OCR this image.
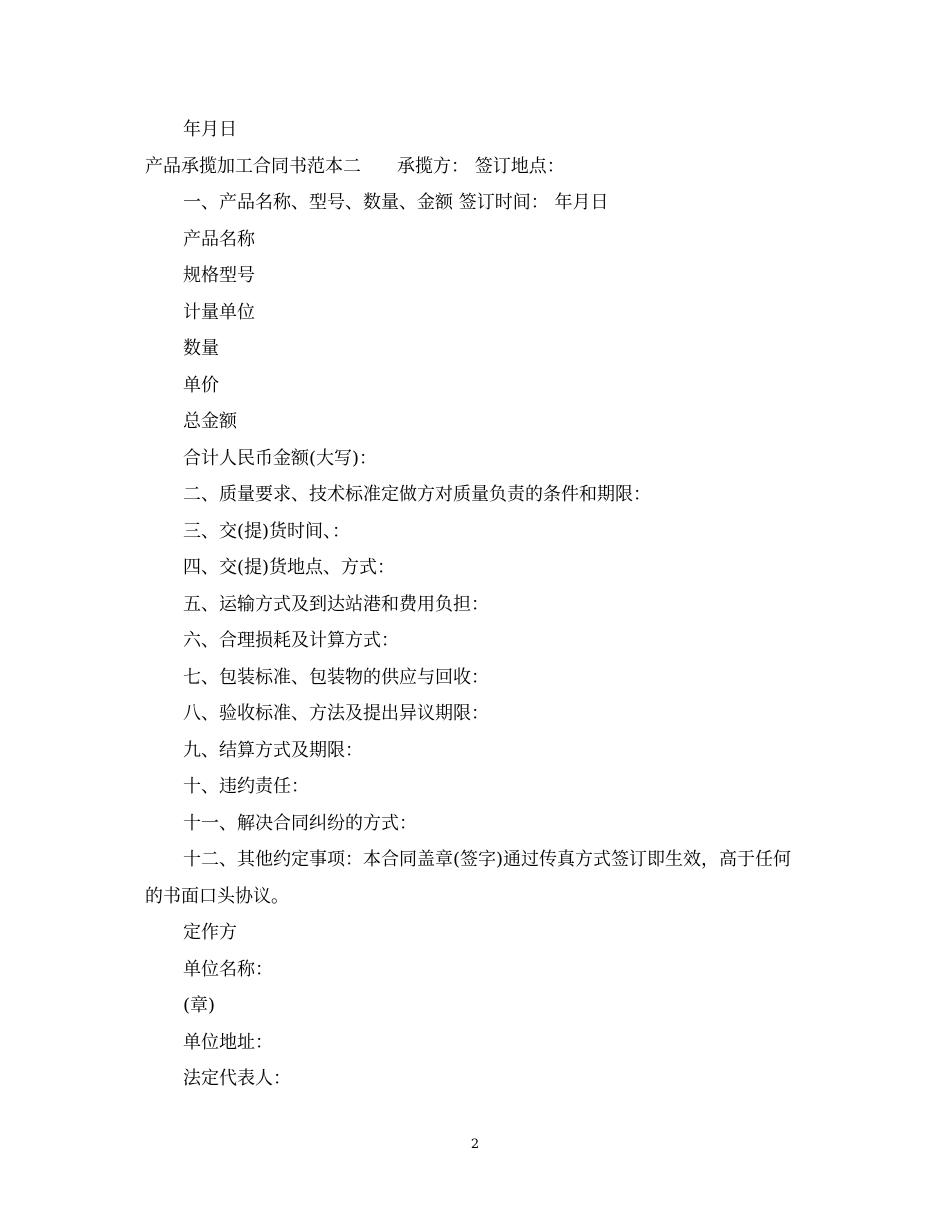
年月日
产品承揽加工合同书范本二 承揽方： 签订地点：
一、产品名称、型号、数量、金额 签订时间： 年月日
产品名称
规格型号
计量单位
数量
单价
总金额
合计人民币金额(大写)：
二、质量要求、技术标准定做方对质量负责的条件和期限：
三、交(提)货时间、：
四、交(提)货地点、方式：
五、运输方式及到达站港和费用负担：
六、合理损耗及计算方式：
七、包装标准、包装物的供应与回收：
八、验收标准、方法及提出异议期限：
九、结算方式及期限：
十、违约责任：
十一、解决合同纠纷的方式：
十二、其他约定事项：本合同盖章(签字)通过传真方式签订即生效，高于任何的书面口头协议。
定作方
单位名称：
(章)
单位地址：
法定代表人：
2
